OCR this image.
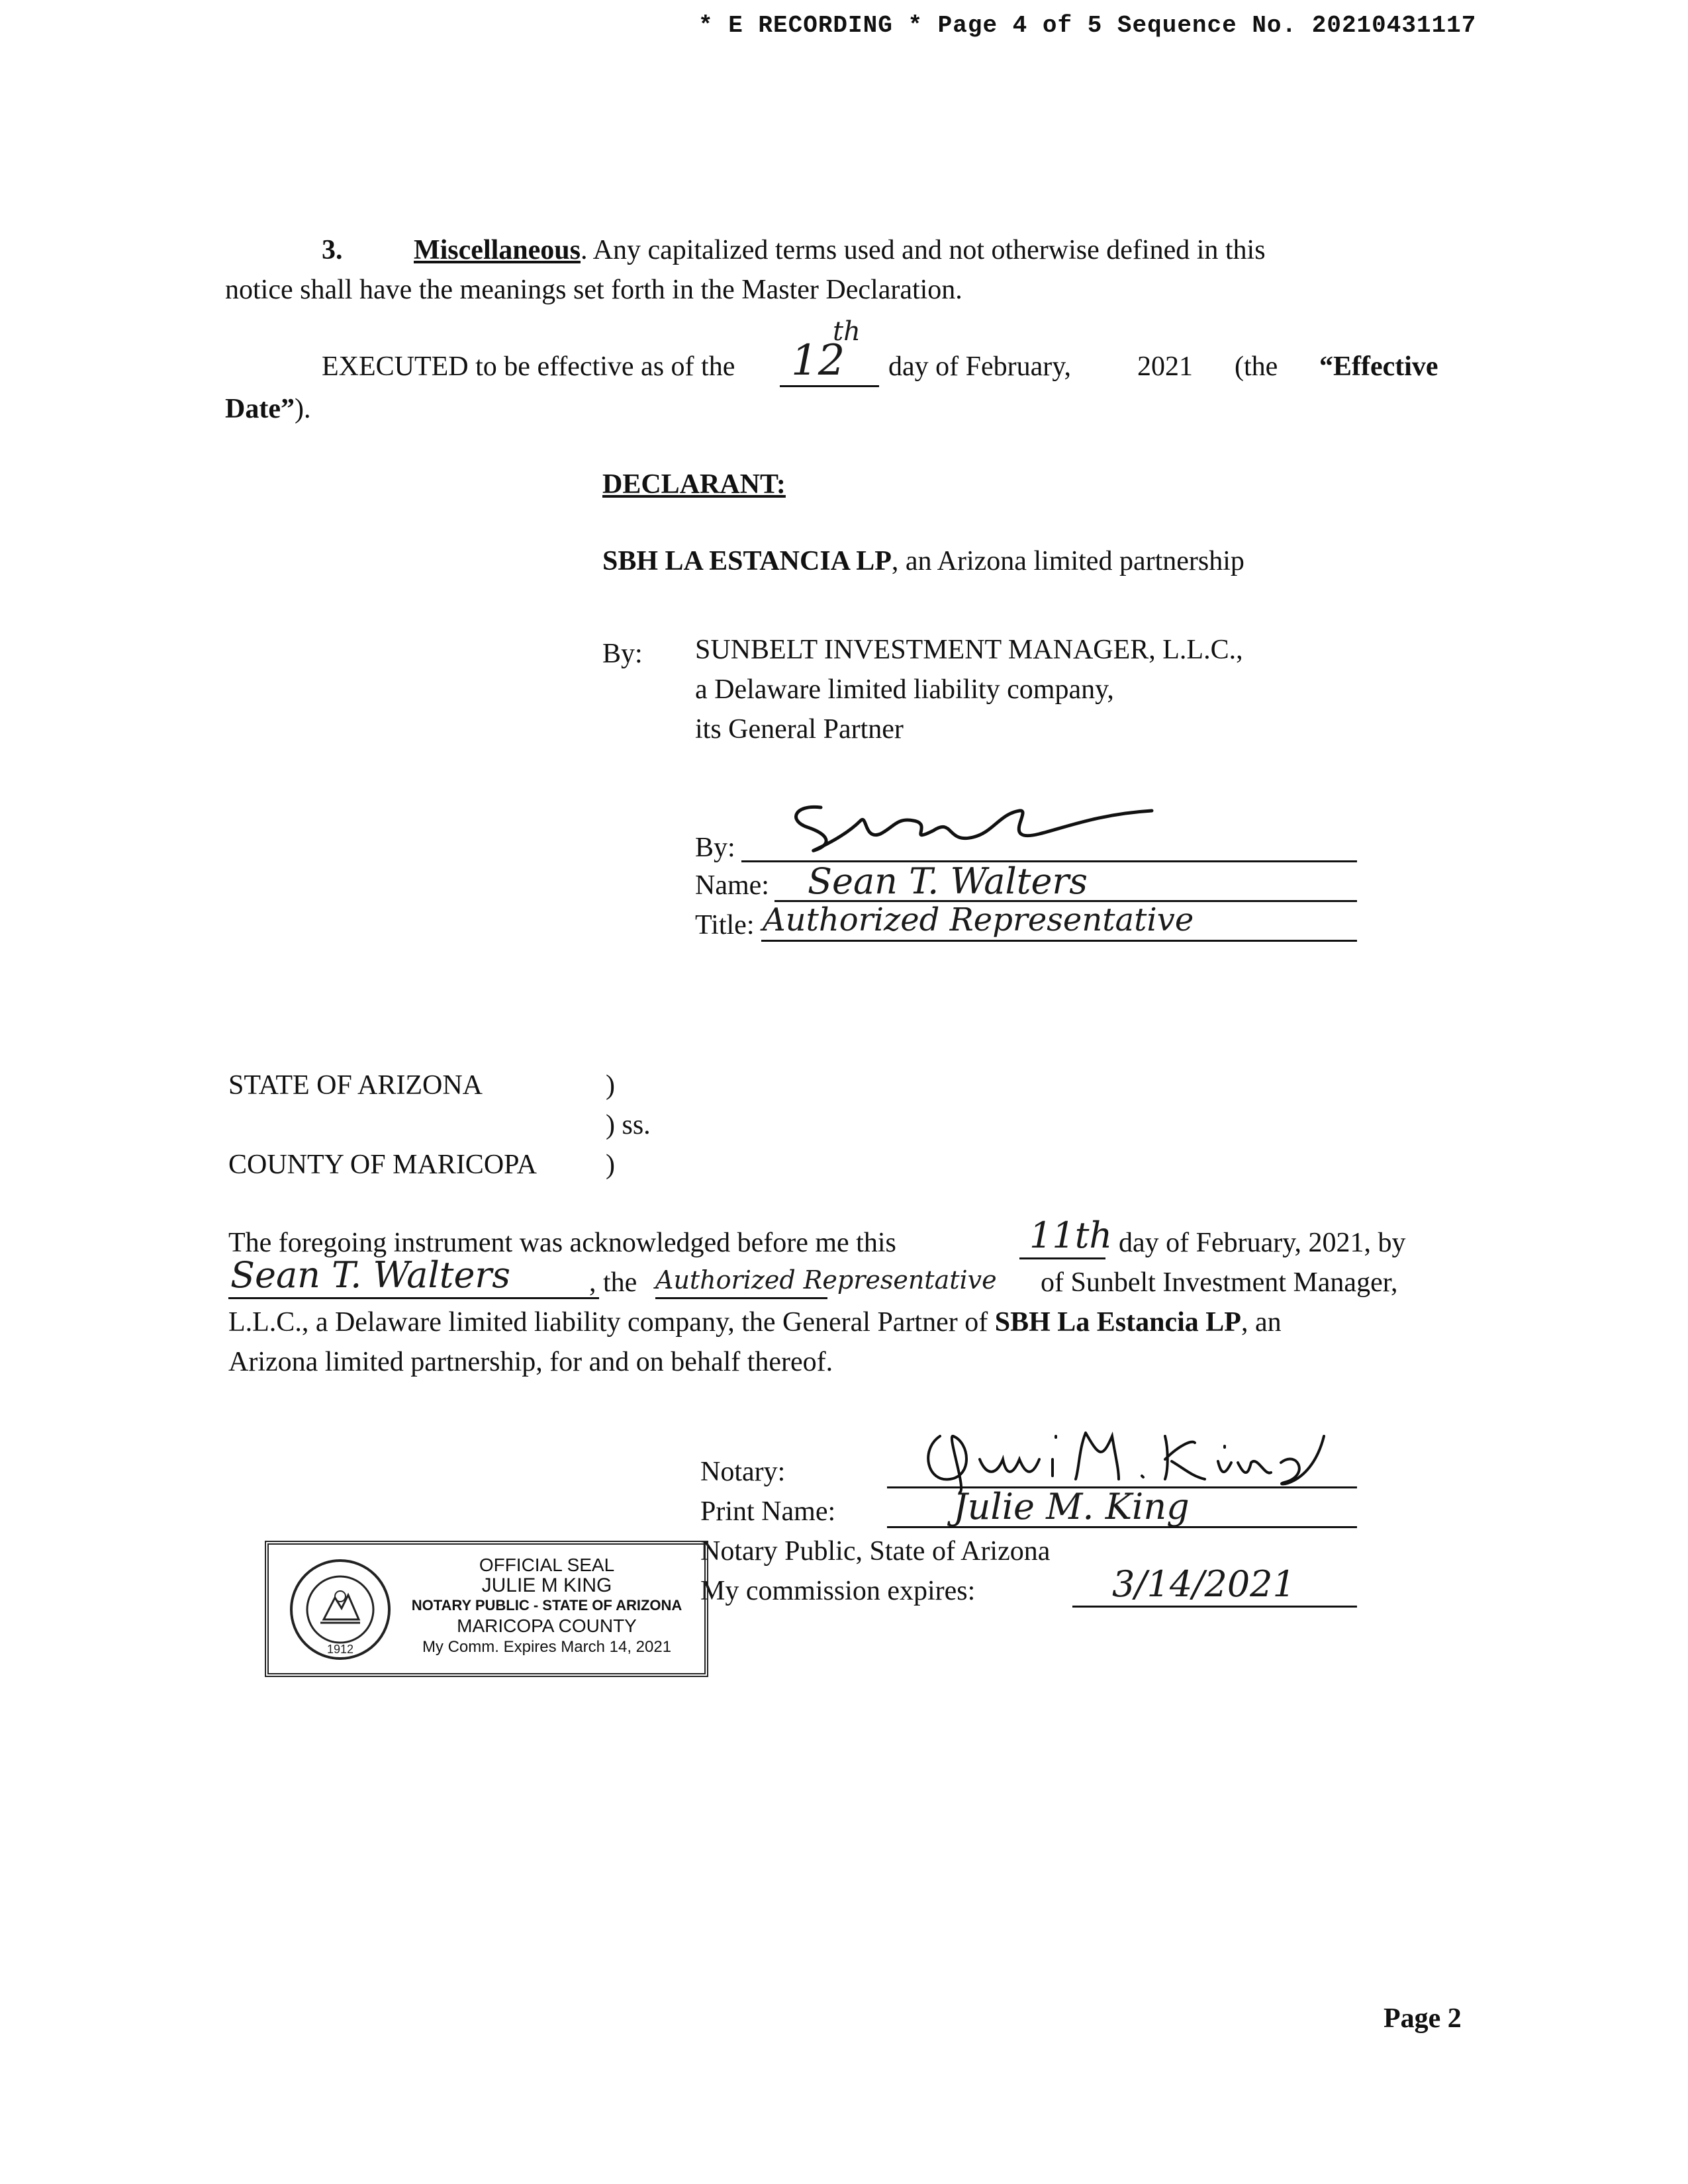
* E RECORDING * Page 4 of 5 Sequence No. 20210431117
3.	Miscellaneous. Any capitalized terms used and not otherwise defined in this
notice shall have the meanings set forth in the Master Declaration.
EXECUTED to be effective as of the 12
th
day of February, 2021 (the “Effective
Date”).
DECLARANT:
SBH LA ESTANCIA LP, an Arizona limited partnership
By: SUNBELT INVESTMENT MANAGER, L.L.C.,
a Delaware limited liability company,
its General Partner
By:
Name: Sean T. Walters
Title: Authorized Representative
STATE OF ARIZONA	)
) ss.
COUNTY OF MARICOPA )
The foregoing instrument was acknowledged before me this	11th day of February, 2021, by
Sean T. Walters	, the Authorized Representative of Sunbelt Investment Manager,
L.L.C., a Delaware limited liability company, the General Partner of SBH La Estancia LP, an
Arizona limited partnership, for and on behalf thereof.
Notary:
Print Name:	Julie M. King
Notary Public, State of Arizona
My commission expires:	3/14/2021
1912
OFFICIAL SEAL
JULIE M KING
NOTARY PUBLIC - STATE OF ARIZONA
MARICOPA COUNTY
My Comm. Expires March 14, 2021
Page 2
